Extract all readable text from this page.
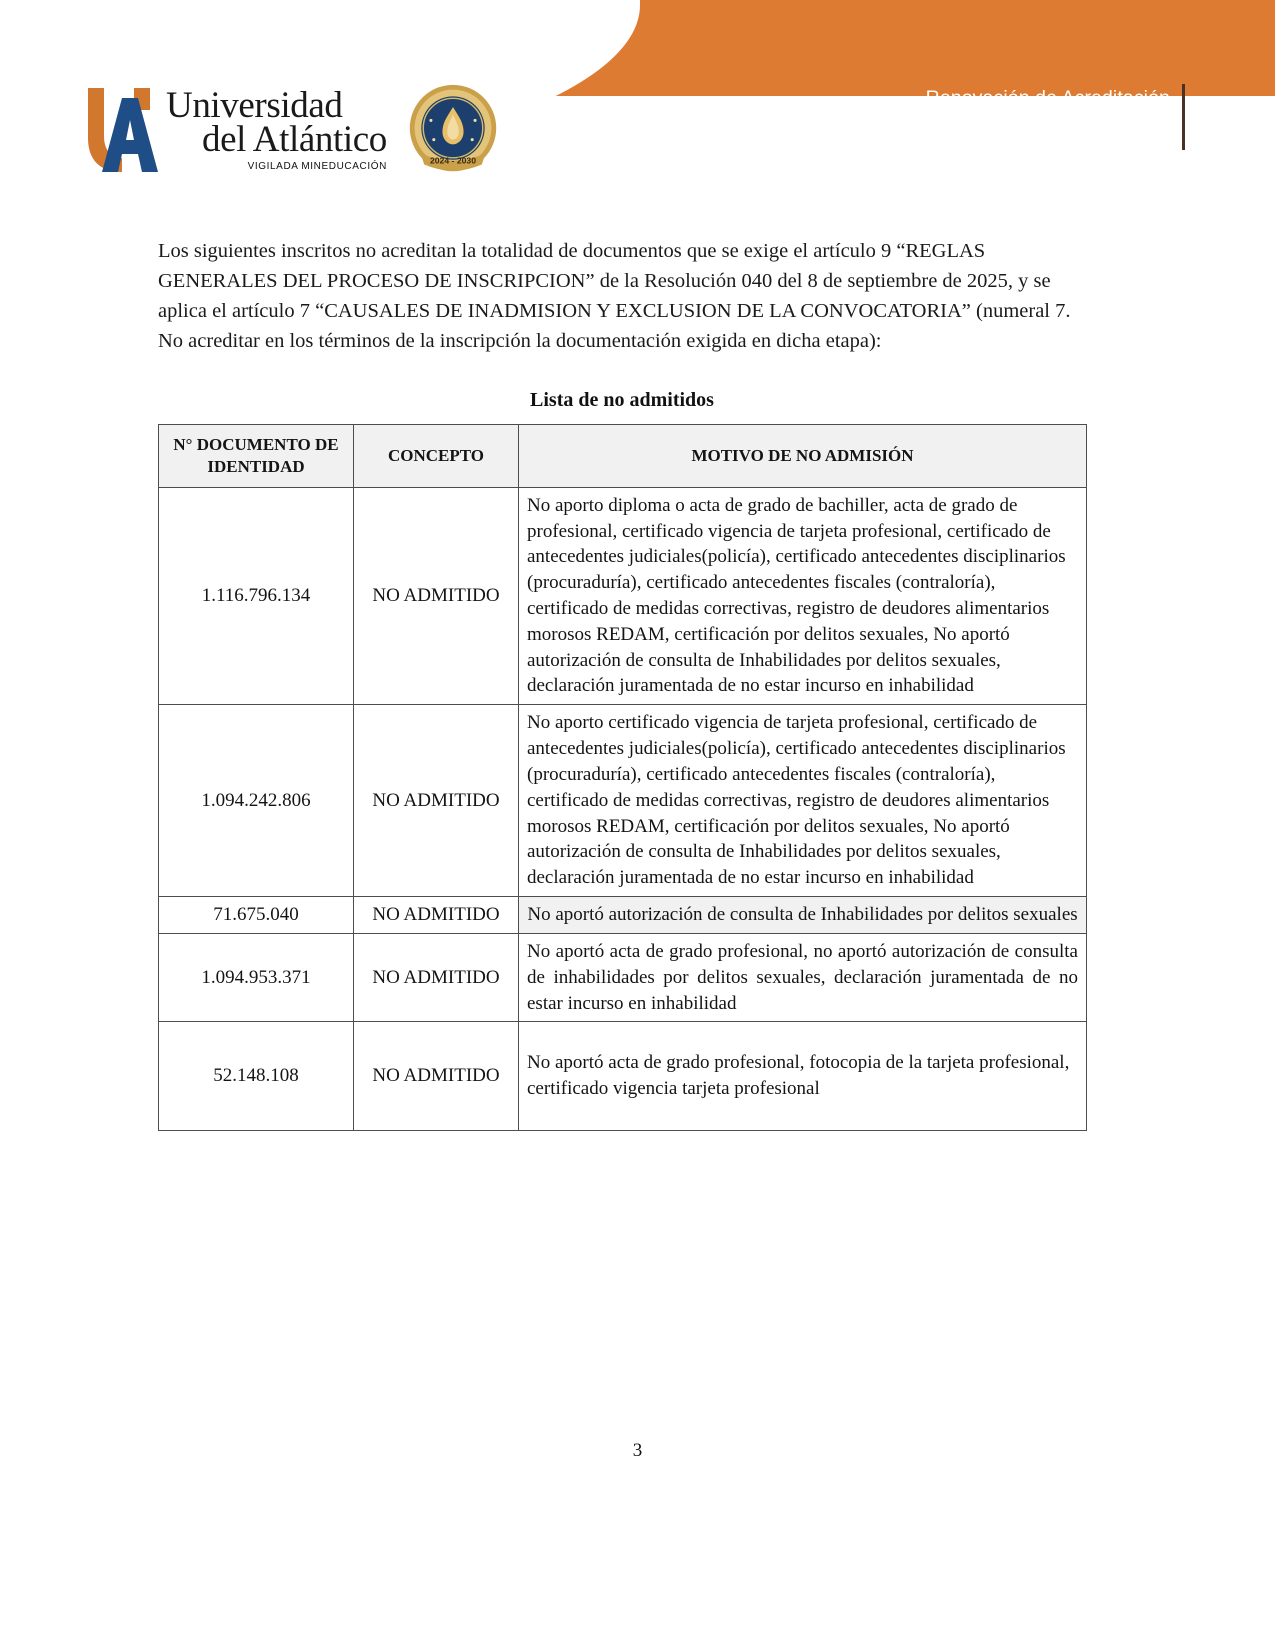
Renovación de Acreditación
Institucional de Alta Calidad
Res. 020199 de 31/10/2024 del MEN
Universidad
del Atlántico
VIGILADA MINEDUCACIÓN
2024 - 2030

Los siguientes inscritos no acreditan la totalidad de documentos que se exige el artículo 9 “REGLAS GENERALES DEL PROCESO DE INSCRIPCION” de la Resolución 040 del 8 de septiembre de 2025, y se aplica el artículo 7 “CAUSALES DE INADMISION Y EXCLUSION DE LA CONVOCATORIA” (numeral 7. No acreditar en los términos de la inscripción la documentación exigida en dicha etapa):

Lista de no admitidos
N° DOCUMENTO DE
IDENTIDAD	CONCEPTO	MOTIVO DE NO ADMISIÓN
1.116.796.134	NO ADMITIDO	No aporto diploma o acta de grado de bachiller, acta de grado de profesional, certificado vigencia de tarjeta profesional, certificado de antecedentes judiciales(policía), certificado antecedentes disciplinarios (procuraduría), certificado antecedentes fiscales (contraloría), certificado de medidas correctivas, registro de deudores alimentarios morosos REDAM, certificación por delitos sexuales, No aportó autorización de consulta de Inhabilidades por delitos sexuales, declaración juramentada de no estar incurso en inhabilidad
1.094.242.806	NO ADMITIDO	No aporto certificado vigencia de tarjeta profesional, certificado de antecedentes judiciales(policía), certificado antecedentes disciplinarios (procuraduría), certificado antecedentes fiscales (contraloría), certificado de medidas correctivas, registro de deudores alimentarios morosos REDAM, certificación por delitos sexuales, No aportó autorización de consulta de Inhabilidades por delitos sexuales, declaración juramentada de no estar incurso en inhabilidad
71.675.040	NO ADMITIDO	No aportó autorización de consulta de Inhabilidades por delitos sexuales
1.094.953.371	NO ADMITIDO	No aportó acta de grado profesional, no aportó autorización de consulta de inhabilidades por delitos sexuales, declaración juramentada de no estar incurso en inhabilidad
52.148.108	NO ADMITIDO	No aportó acta de grado profesional, fotocopia de la tarjeta profesional, certificado vigencia tarjeta profesional
3
